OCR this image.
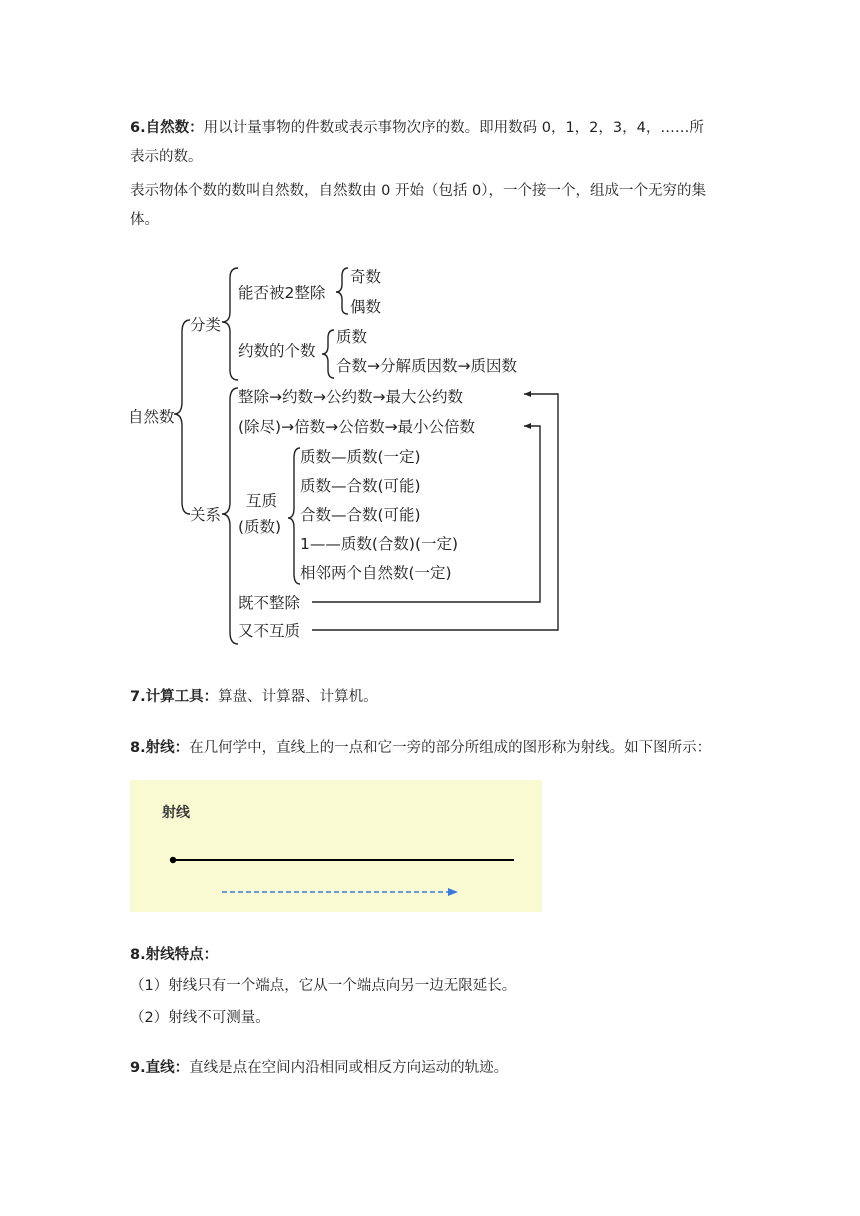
6.自然数：用以计量事物的件数或表示事物次序的数。即用数码 0，1，2，3，4，……所
表示的数。
表示物体个数的数叫自然数，自然数由 0 开始（包括 0），一个接一个，组成一个无穷的集
体。
自然数
分类
关系
能否被2整除
奇数
偶数
约数的个数
质数
合数→分解质因数→质因数
整除→约数→公约数→最大公约数
(除尽)→倍数→公倍数→最小公倍数
互质
(质数)
质数—质数(一定)
质数—合数(可能)
合数—合数(可能)
1——质数(合数)(一定)
相邻两个自然数(一定)
既不整除
又不互质
7.计算工具：算盘、计算器、计算机。
8.射线：在几何学中，直线上的一点和它一旁的部分所组成的图形称为射线。如下图所示：
射线
8.射线特点：
（1）射线只有一个端点，它从一个端点向另一边无限延长。
（2）射线不可测量。
9.直线：直线是点在空间内沿相同或相反方向运动的轨迹。
